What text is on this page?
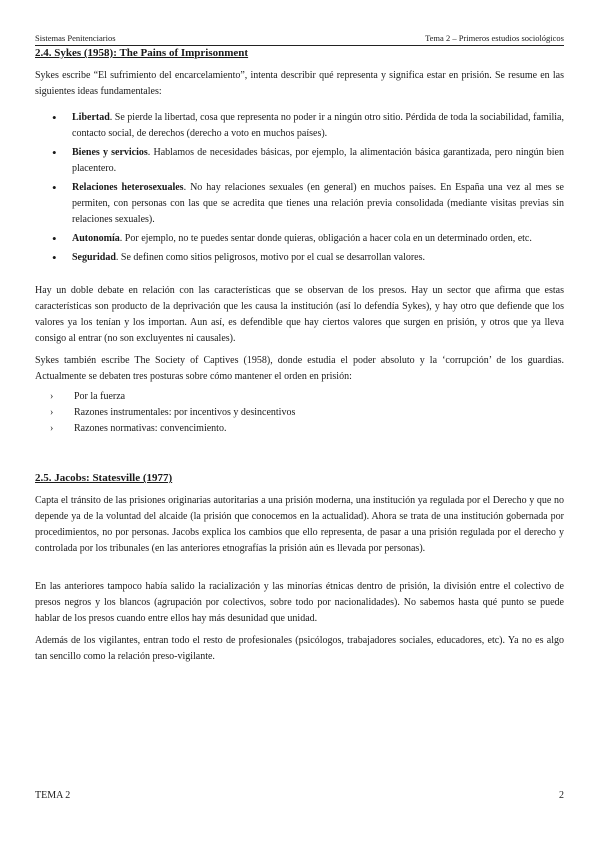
Sistemas Penitenciarios	Tema 2 – Primeros estudios sociológicos

2.4. Sykes (1958): The Pains of Imprisonment

Sykes escribe “El sufrimiento del encarcelamiento”, intenta describir qué representa y significa estar en prisión. Se resume en las siguientes ideas fundamentales:

• Libertad. Se pierde la libertad, cosa que representa no poder ir a ningún otro sitio. Pérdida de toda la sociabilidad, familia, contacto social, de derechos (derecho a voto en muchos países).
• Bienes y servicios. Hablamos de necesidades básicas, por ejemplo, la alimentación básica garantizada, pero ningún bien placentero.
• Relaciones heterosexuales. No hay relaciones sexuales (en general) en muchos países. En España una vez al mes se permiten, con personas con las que se acredita que tienes una relación previa consolidada (mediante visitas previas sin relaciones sexuales).
• Autonomía. Por ejemplo, no te puedes sentar donde quieras, obligación a hacer cola en un determinado orden, etc.
• Seguridad. Se definen como sitios peligrosos, motivo por el cual se desarrollan valores.

Hay un doble debate en relación con las características que se observan de los presos. Hay un sector que afirma que estas características son producto de la deprivación que les causa la institución (así lo defendía Sykes), y hay otro que defiende que los valores ya los tenían y los importan. Aun así, es defendible que hay ciertos valores que surgen en prisión, y otros que ya lleva consigo al entrar (no son excluyentes ni causales).

Sykes también escribe The Society of Captives (1958), donde estudia el poder absoluto y la ‘corrupción’ de los guardias. Actualmente se debaten tres posturas sobre cómo mantener el orden en prisión:

› Por la fuerza
› Razones instrumentales: por incentivos y desincentivos
› Razones normativas: convencimiento.

2.5. Jacobs: Statesville (1977)

Capta el tránsito de las prisiones originarias autoritarias a una prisión moderna, una institución ya regulada por el Derecho y que no depende ya de la voluntad del alcaide (la prisión que conocemos en la actualidad). Ahora se trata de una institución gobernada por procedimientos, no por personas. Jacobs explica los cambios que ello representa, de pasar a una prisión regulada por el derecho y controlada por los tribunales (en las anteriores etnografías la prisión aún es llevada por personas).

En las anteriores tampoco había salido la racialización y las minorías étnicas dentro de prisión, la división entre el colectivo de presos negros y los blancos (agrupación por colectivos, sobre todo por nacionalidades). No sabemos hasta qué punto se puede hablar de los presos cuando entre ellos hay más desunidad que unidad.

Además de los vigilantes, entran todo el resto de profesionales (psicólogos, trabajadores sociales, educadores, etc). Ya no es algo tan sencillo como la relación preso-vigilante.

TEMA 2	2
